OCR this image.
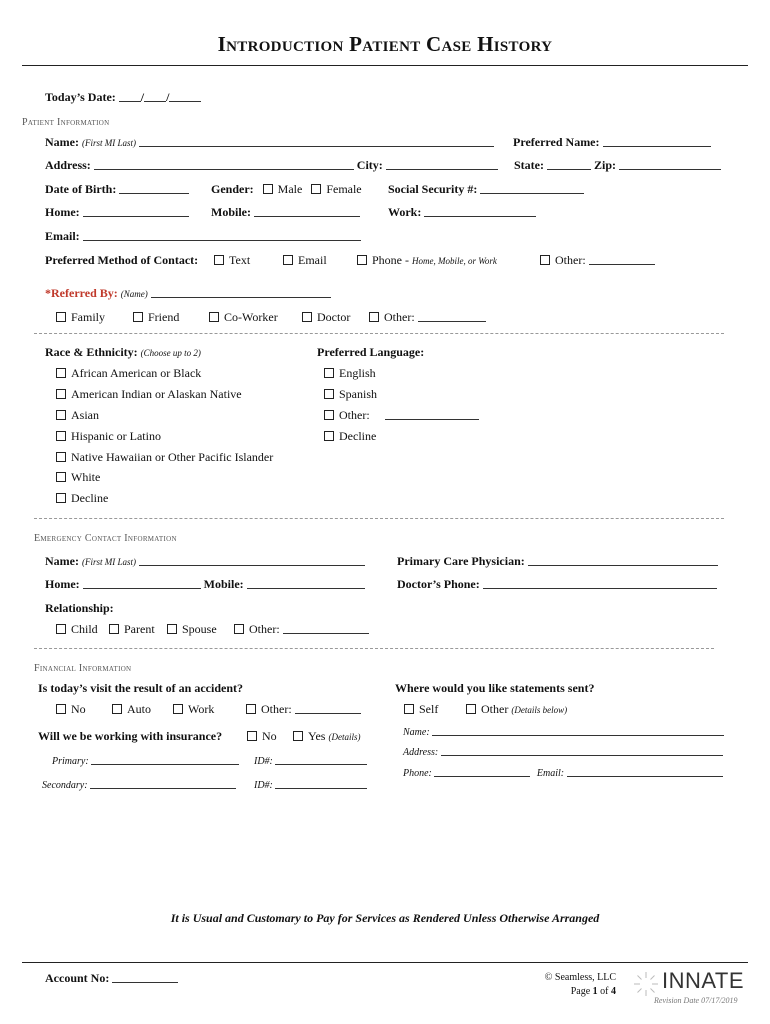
Introduction Patient Case History
Today’s Date: / /
Patient Information
Name: (First MI Last)	Preferred Name:
Address:	City:	State:	Zip:
Date of Birth:	Gender: Male Female Social Security #:
Home:	Mobile:	Work:
Email:
Preferred Method of Contact:	Text	Email	Phone - Home, Mobile, or Work	Other:
*Referred By: (Name)
Family	Friend	Co-Worker	Doctor	Other:
Race & Ethnicity: (Choose up to 2)
African American or Black
American Indian or Alaskan Native
Asian
Hispanic or Latino
Native Hawaiian or Other Pacific Islander
White
Decline
Preferred Language:
English
Spanish
Other:
Decline
Emergency Contact Information
Name: (First MI Last)	Primary Care Physician:
Home:	Mobile:	Doctor’s Phone:
Relationship:
Child	Parent	Spouse	Other:
Financial Information
Is today’s visit the result of an accident?
No	Auto	Work	Other:
Where would you like statements sent?
Self	Other (Details below)
Will we be working with insurance?	No	Yes (Details)
Primary:	ID#:
Secondary:	ID#:
Name:
Address:
Phone:	Email:
It is Usual and Customary to Pay for Services as Rendered Unless Otherwise Arranged
Account No:	© Seamless, LLC
Page 1 of 4 INNATE
Revision Date 07/17/2019
